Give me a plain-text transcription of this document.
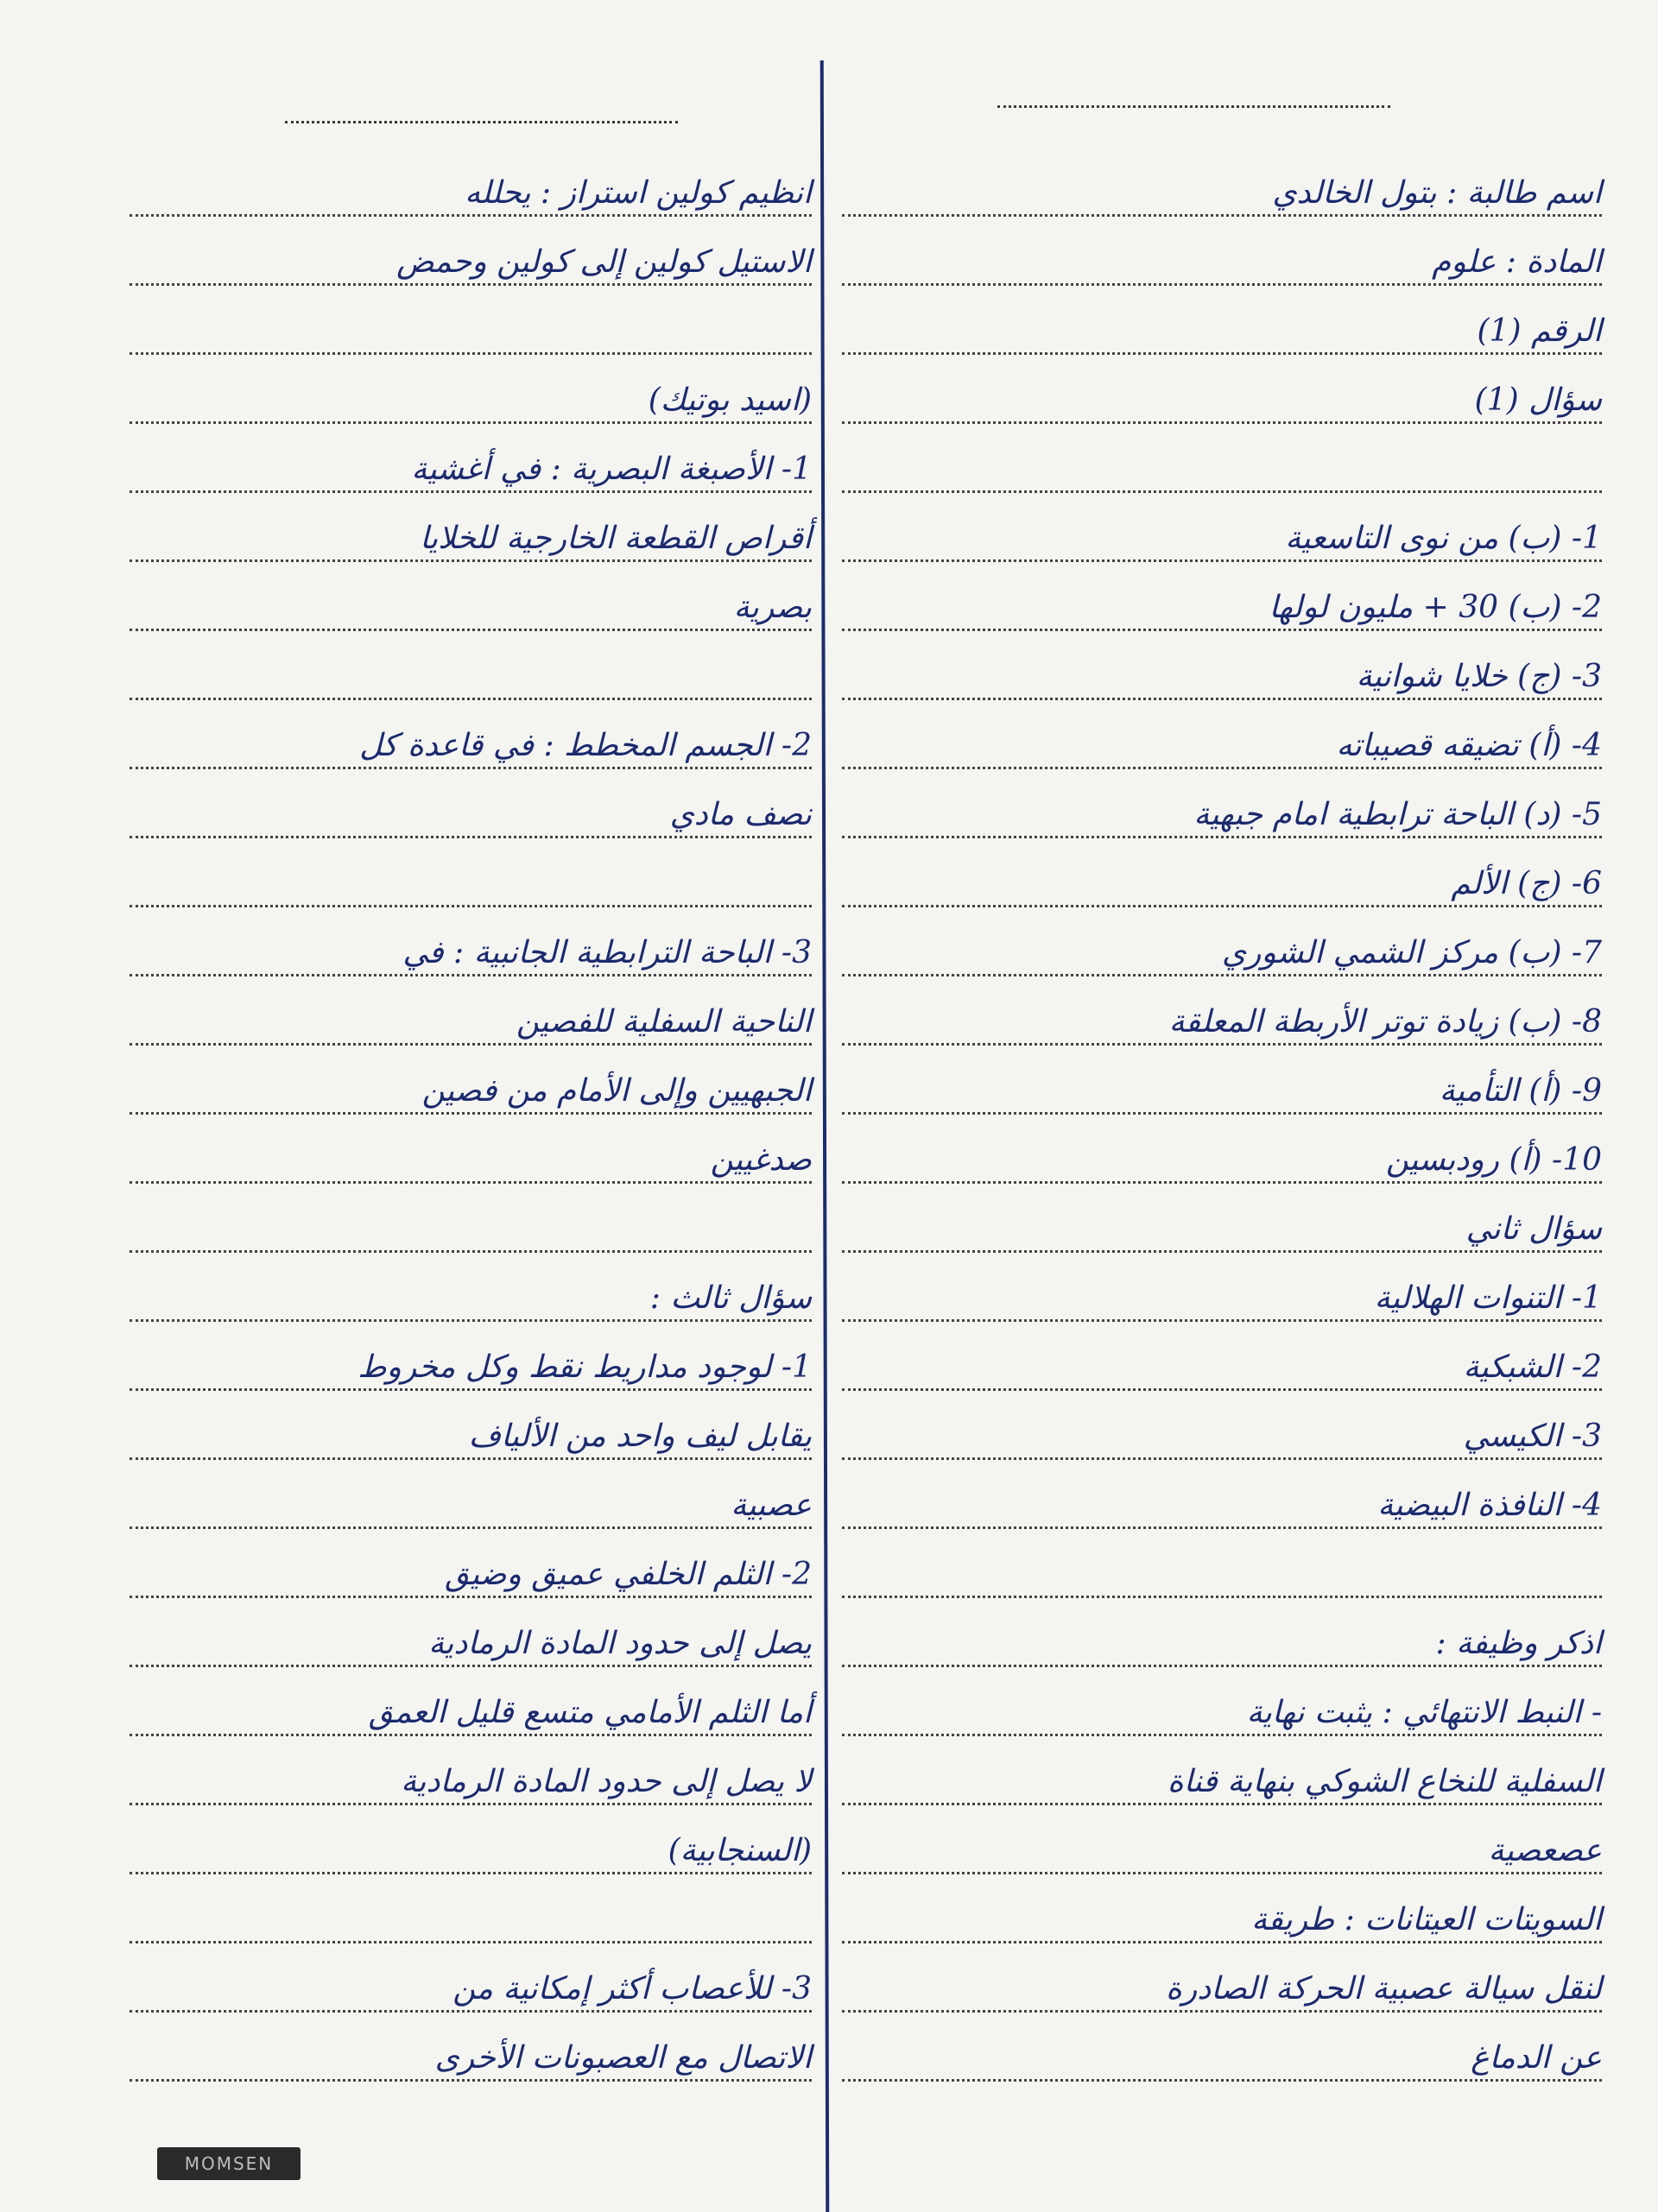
اسم طالبة : بتول الخالدي
المادة : علوم
الرقم (1)
سؤال (1)
1- (ب) من نوى التاسعية
2- (ب) 30 + مليون لولها
3- (ج) خلايا شوانية
4- (أ) تضيقه قصيباته
5- (د) الباحة ترابطية امام جبهية
6- (ج) الألم
7- (ب) مركز الشمي الشوري
8- (ب) زيادة توتر الأربطة المعلقة
9- (أ) التأمية
10- (أ) رودبسين
سؤال ثاني
1- التنوات الهلالية
2- الشبكية
3- الكيسي
4- النافذة البيضية
اذكر وظيفة :
- النبط الانتهائي : يثبت نهاية
السفلية للنخاع الشوكي بنهاية قناة
عصعصية
السويتات العيتانات : طريقة
لنقل سيالة عصبية الحركة الصادرة
عن الدماغ
انظيم كولين استراز : يحلله
الاستيل كولين إلى كولين وحمض
(اسيد بوتيك)
1- الأصبغة البصرية : في أغشية
أقراص القطعة الخارجية للخلايا
بصرية
2- الجسم المخطط : في قاعدة كل
نصف مادي
3- الباحة الترابطية الجانبية : في
الناحية السفلية للفصين
الجبهيين وإلى الأمام من فصين
صدغيين
سؤال ثالث :
1- لوجود مداريط نقط وكل مخروط
يقابل ليف واحد من الألياف
عصبية
2- الثلم الخلفي عميق وضيق
يصل إلى حدود المادة الرمادية
أما الثلم الأمامي متسع قليل العمق
لا يصل إلى حدود المادة الرمادية
(السنجابية)
3- للأعصاب أكثر إمكانية من
الاتصال مع العصبونات الأخرى
MOMSEN
